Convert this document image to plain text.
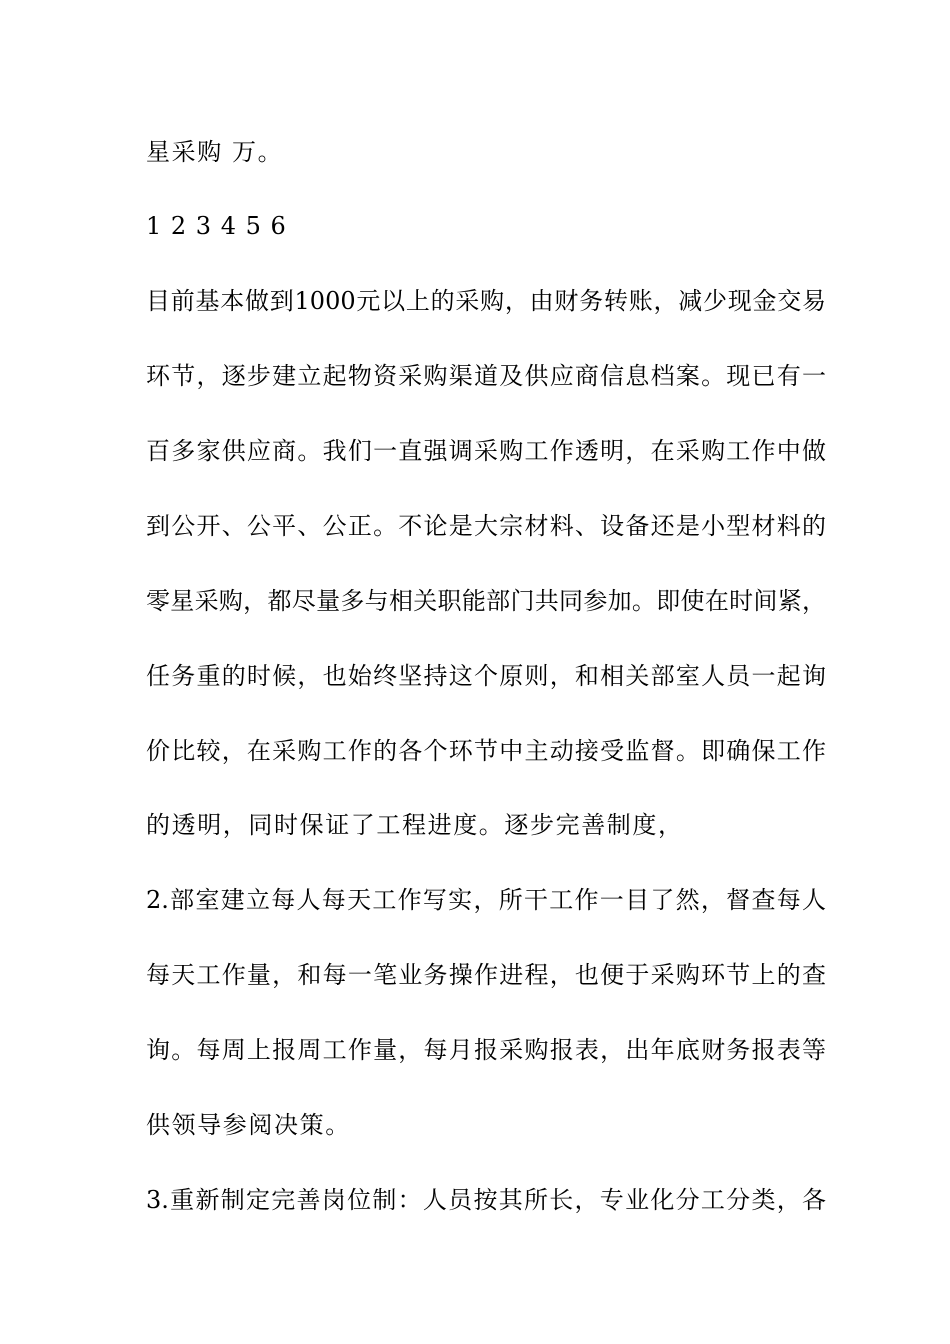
星采购 万。
1 2 3 4 5 6
目前基本做到1000元以上的采购，由财务转账，减少现金交易
环节，逐步建立起物资采购渠道及供应商信息档案。现已有一
百多家供应商。我们一直强调采购工作透明，在采购工作中做
到公开、公平、公正。不论是大宗材料、设备还是小型材料的
零星采购，都尽量多与相关职能部门共同参加。即使在时间紧，
任务重的时候，也始终坚持这个原则，和相关部室人员一起询
价比较，在采购工作的各个环节中主动接受监督。即确保工作
的透明，同时保证了工程进度。逐步完善制度，
2.部室建立每人每天工作写实，所干工作一目了然，督查每人
每天工作量，和每一笔业务操作进程，也便于采购环节上的查
询。每周上报周工作量，每月报采购报表，出年底财务报表等
供领导参阅决策。
3.重新制定完善岗位制：人员按其所长，专业化分工分类，各
